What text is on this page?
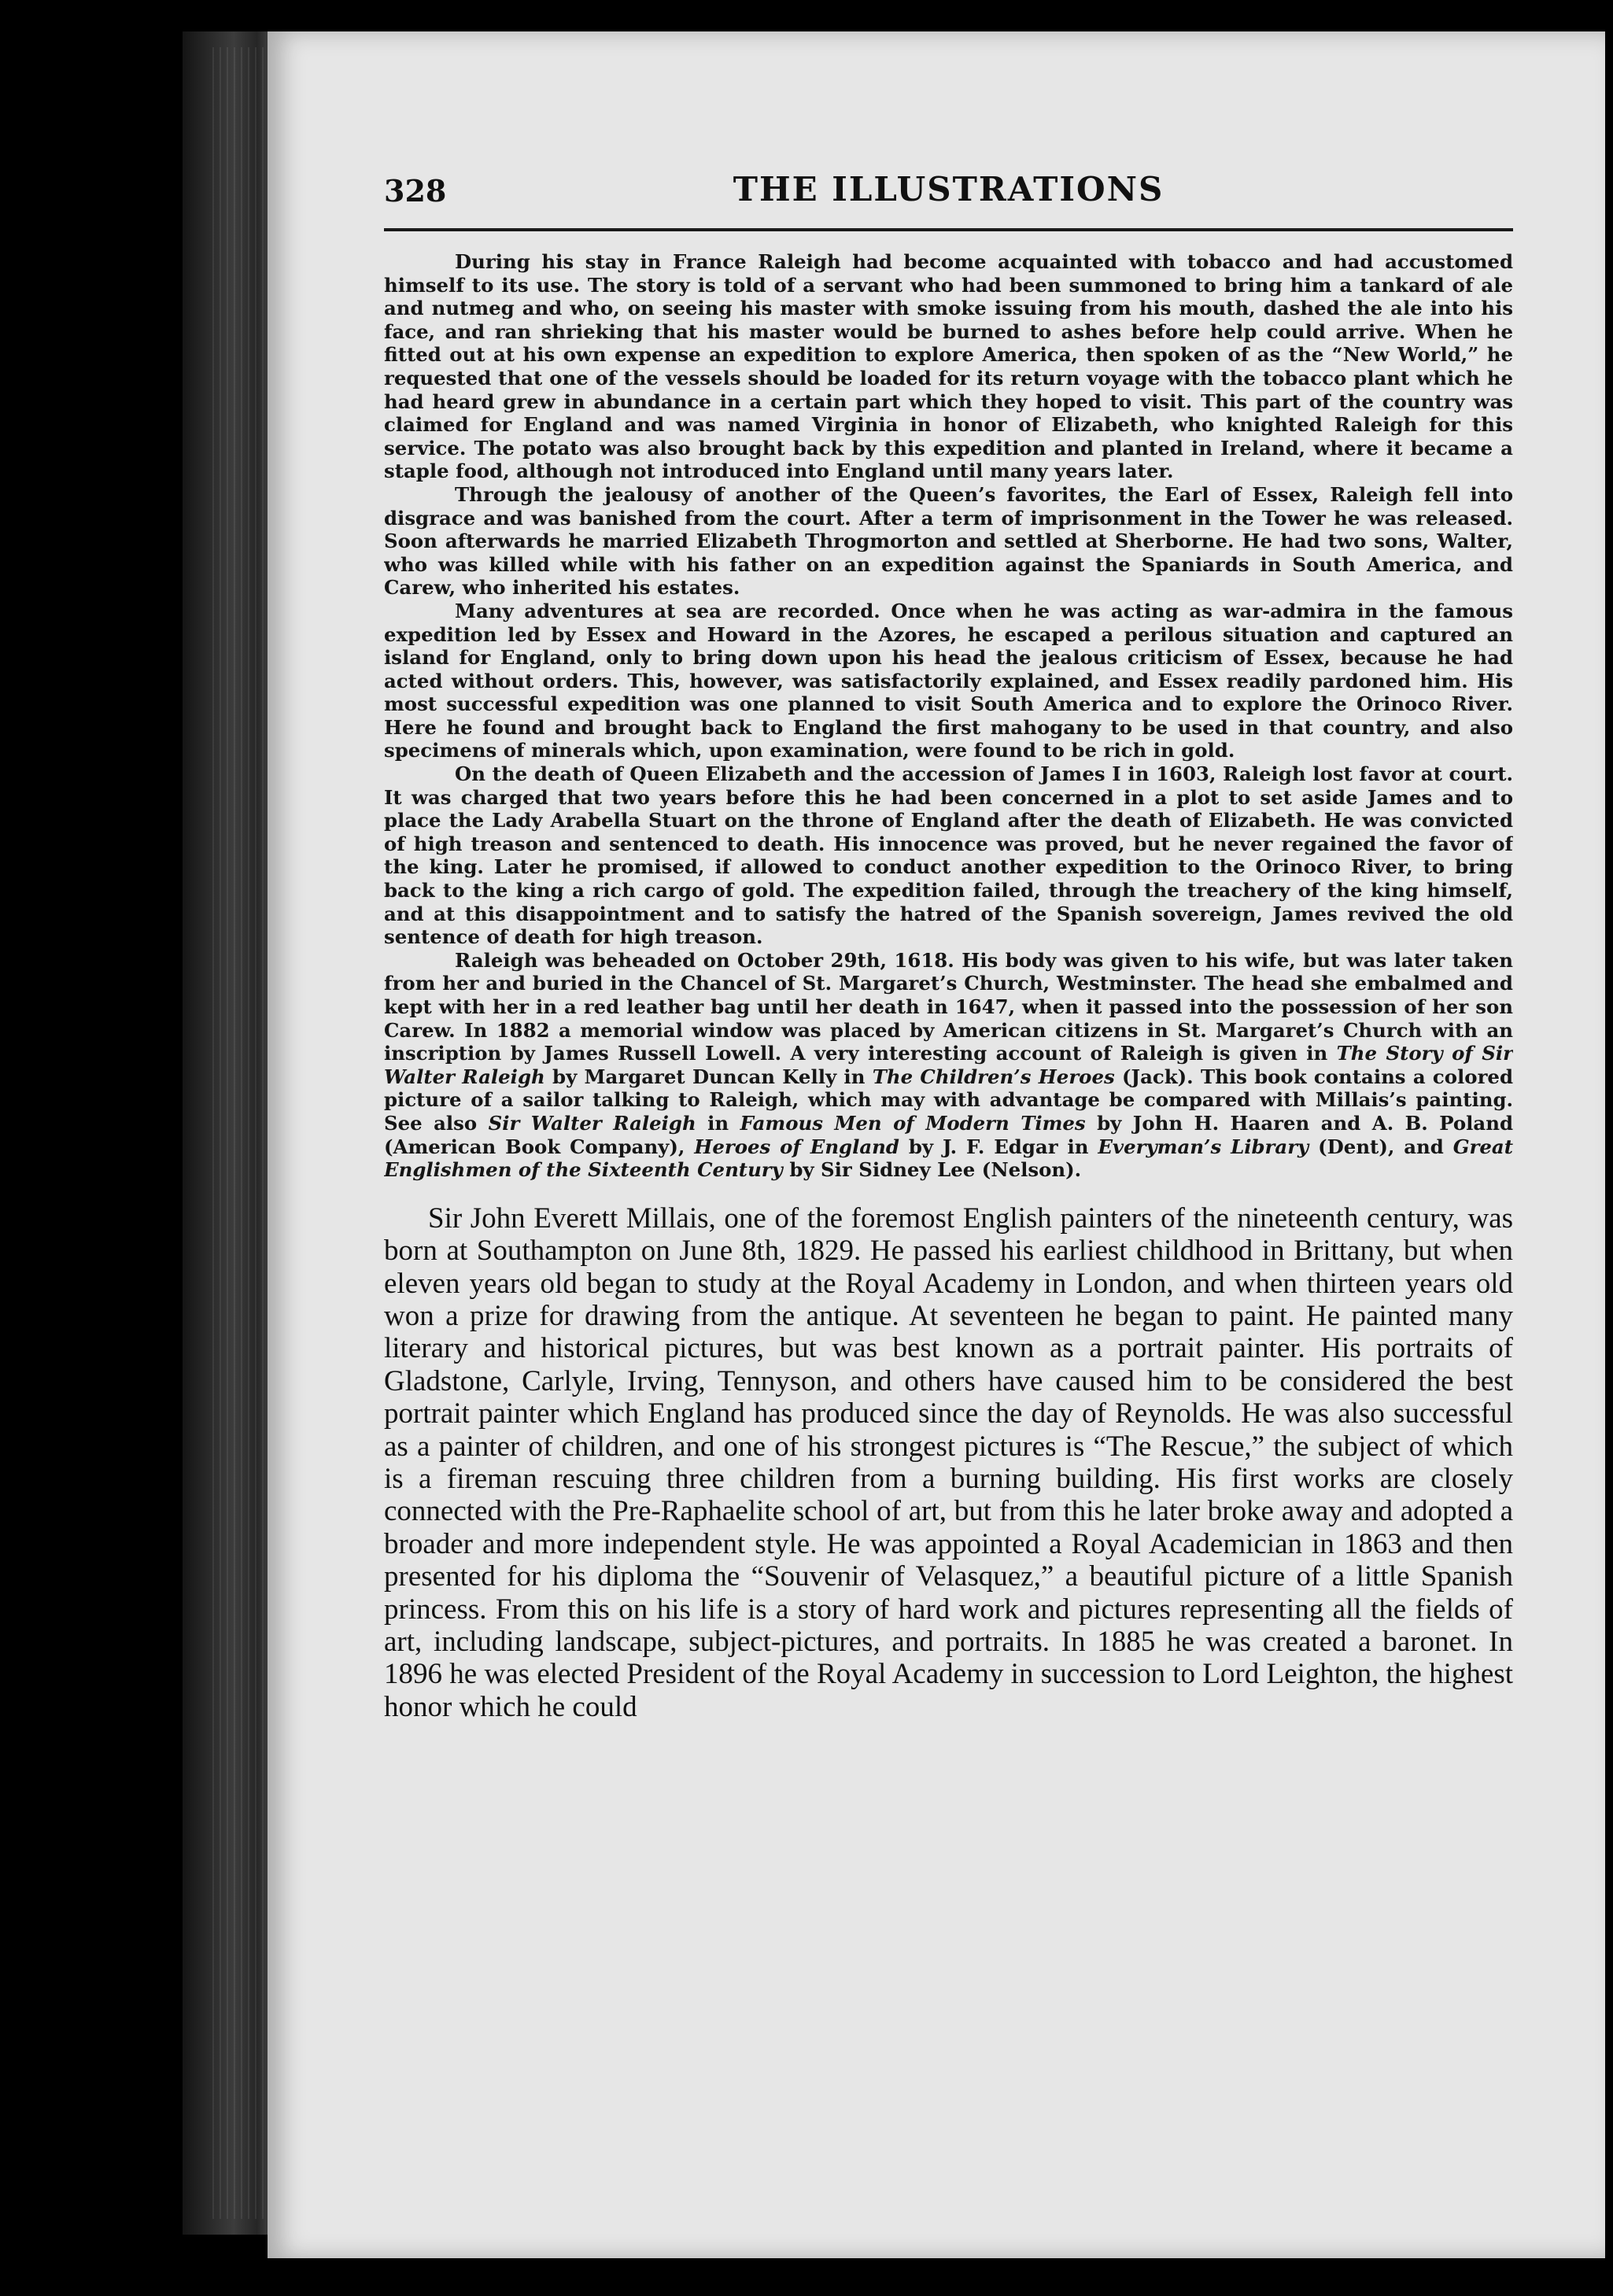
328	THE ILLUSTRATIONS

During his stay in France Raleigh had become acquainted with tobacco and had accustomed himself to its use. The story is told of a servant who had been summoned to bring him a tankard of ale and nutmeg and who, on seeing his master with smoke issuing from his mouth, dashed the ale into his face, and ran shrieking that his master would be burned to ashes before help could arrive. When he fitted out at his own expense an expedition to explore America, then spoken of as the “New World,” he requested that one of the vessels should be loaded for its return voyage with the tobacco plant which he had heard grew in abundance in a certain part which they hoped to visit. This part of the country was claimed for England and was named Virginia in honor of Elizabeth, who knighted Raleigh for this service. The potato was also brought back by this expedition and planted in Ireland, where it became a staple food, although not introduced into England until many years later.

Through the jealousy of another of the Queen’s favorites, the Earl of Essex, Raleigh fell into disgrace and was banished from the court. After a term of imprisonment in the Tower he was released. Soon afterwards he married Elizabeth Throgmorton and settled at Sherborne. He had two sons, Walter, who was killed while with his father on an expedition against the Spaniards in South America, and Carew, who inherited his estates.

Many adventures at sea are recorded. Once when he was acting as war-admira in the famous expedition led by Essex and Howard in the Azores, he escaped a perilous situation and captured an island for England, only to bring down upon his head the jealous criticism of Essex, because he had acted without orders. This, however, was satisfactorily explained, and Essex readily pardoned him. His most successful expedition was one planned to visit South America and to explore the Orinoco River. Here he found and brought back to England the first mahogany to be used in that country, and also specimens of minerals which, upon examination, were found to be rich in gold.

On the death of Queen Elizabeth and the accession of James I in 1603, Raleigh lost favor at court. It was charged that two years before this he had been concerned in a plot to set aside James and to place the Lady Arabella Stuart on the throne of England after the death of Elizabeth. He was convicted of high treason and sentenced to death. His innocence was proved, but he never regained the favor of the king. Later he promised, if allowed to conduct another expedition to the Orinoco River, to bring back to the king a rich cargo of gold. The expedition failed, through the treachery of the king himself, and at this disappointment and to satisfy the hatred of the Spanish sovereign, James revived the old sentence of death for high treason.

Raleigh was beheaded on October 29th, 1618. His body was given to his wife, but was later taken from her and buried in the Chancel of St. Margaret’s Church, Westminster. The head she embalmed and kept with her in a red leather bag until her death in 1647, when it passed into the possession of her son Carew. In 1882 a memorial window was placed by American citizens in St. Margaret’s Church with an inscription by James Russell Lowell. A very interesting account of Raleigh is given in The Story of Sir Walter Raleigh by Margaret Duncan Kelly in The Children’s Heroes (Jack). This book contains a colored picture of a sailor talking to Raleigh, which may with advantage be compared with Millais’s painting. See also Sir Walter Raleigh in Famous Men of Modern Times by John H. Haaren and A. B. Poland (American Book Company), Heroes of England by J. F. Edgar in Everyman’s Library (Dent), and Great Englishmen of the Sixteenth Century by Sir Sidney Lee (Nelson).

Sir John Everett Millais, one of the foremost English painters of the nineteenth century, was born at Southampton on June 8th, 1829. He passed his earliest childhood in Brittany, but when eleven years old began to study at the Royal Academy in London, and when thirteen years old won a prize for drawing from the antique. At seventeen he began to paint. He painted many literary and historical pictures, but was best known as a portrait painter. His portraits of Gladstone, Carlyle, Irving, Tennyson, and others have caused him to be considered the best portrait painter which England has produced since the day of Reynolds. He was also successful as a painter of children, and one of his strongest pictures is “The Rescue,” the subject of which is a fireman rescuing three children from a burning building. His first works are closely connected with the Pre-Raphaelite school of art, but from this he later broke away and adopted a broader and more independent style. He was appointed a Royal Academician in 1863 and then presented for his diploma the “Souvenir of Velasquez,” a beautiful picture of a little Spanish princess. From this on his life is a story of hard work and pictures representing all the fields of art, including landscape, subject-pictures, and portraits. In 1885 he was created a baronet. In 1896 he was elected President of the Royal Academy in succession to Lord Leighton, the highest honor which he could
